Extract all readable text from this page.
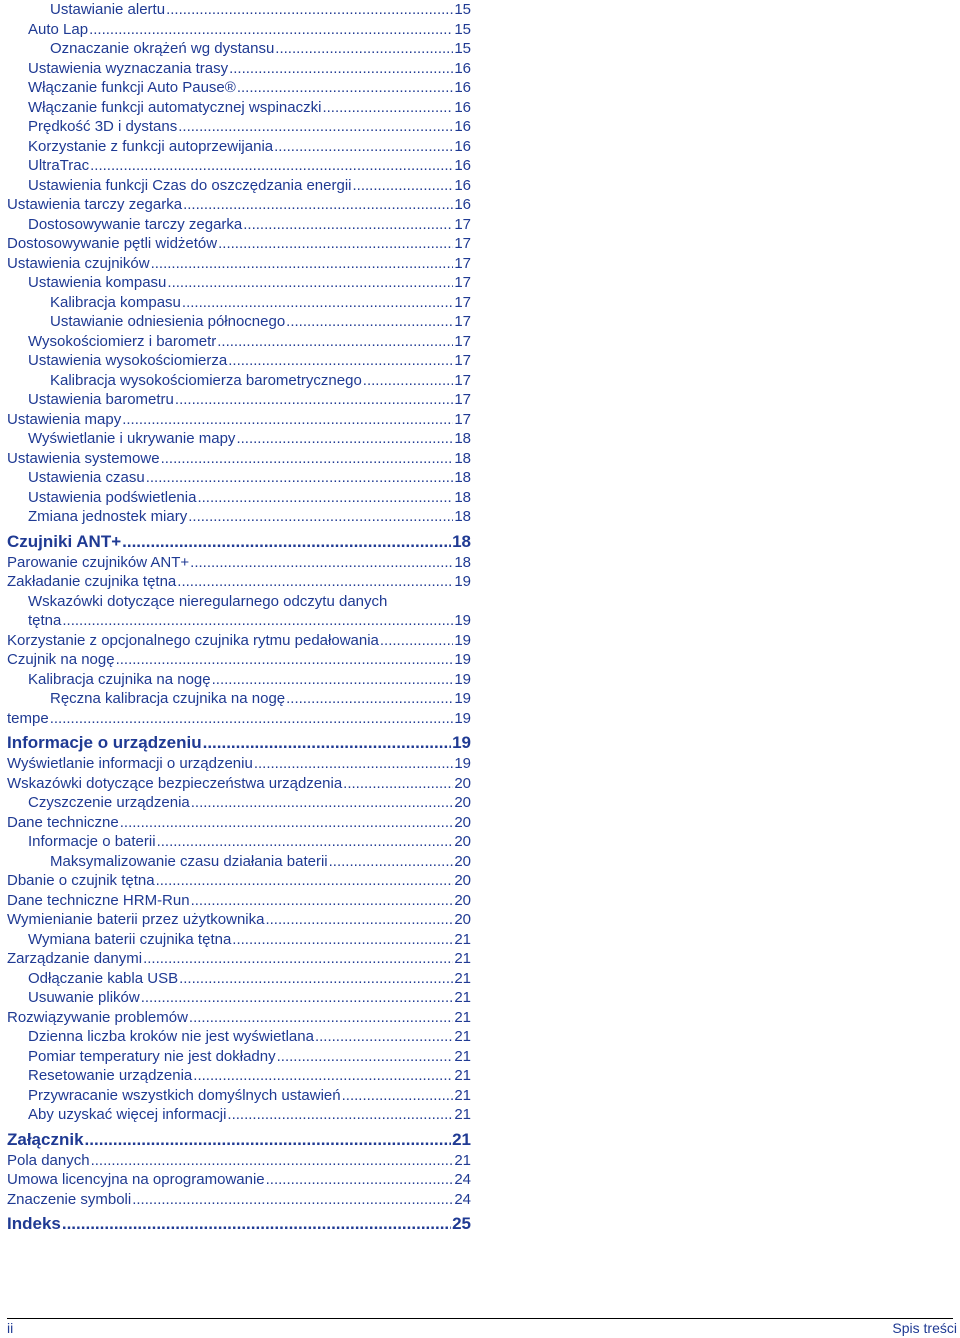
Ustawianie alertu .....	15
Auto Lap .....	15
Oznaczanie okrążeń wg dystansu .....	15
Ustawienia wyznaczania trasy .....	16
Włączanie funkcji Auto Pause® .....	16
Włączanie funkcji automatycznej wspinaczki .....	16
Prędkość 3D i dystans .....	16
Korzystanie z funkcji autoprzewijania .....	16
UltraTrac .....	16
Ustawienia funkcji Czas do oszczędzania energii .....	16
Ustawienia tarczy zegarka .....	16
Dostosowywanie tarczy zegarka .....	17
Dostosowywanie pętli widżetów .....	17
Ustawienia czujników .....	17
Ustawienia kompasu .....	17
Kalibracja kompasu .....	17
Ustawianie odniesienia północnego .....	17
Wysokościomierz i barometr .....	17
Ustawienia wysokościomierza .....	17
Kalibracja wysokościomierza barometrycznego .....	17
Ustawienia barometru .....	17
Ustawienia mapy .....	17
Wyświetlanie i ukrywanie mapy .....	18
Ustawienia systemowe .....	18
Ustawienia czasu .....	18
Ustawienia podświetlenia .....	18
Zmiana jednostek miary .....	18
Czujniki ANT+ .....	18
Parowanie czujników ANT+ .....	18
Zakładanie czujnika tętna .....	19
Wskazówki dotyczące nieregularnego odczytu danych
tętna .....	19
Korzystanie z opcjonalnego czujnika rytmu pedałowania .....	19
Czujnik na nogę .....	19
Kalibracja czujnika na nogę .....	19
Ręczna kalibracja czujnika na nogę .....	19
tempe .....	19
Informacje o urządzeniu .....	19
Wyświetlanie informacji o urządzeniu .....	19
Wskazówki dotyczące bezpieczeństwa urządzenia .....	20
Czyszczenie urządzenia .....	20
Dane techniczne .....	20
Informacje o baterii .....	20
Maksymalizowanie czasu działania baterii .....	20
Dbanie o czujnik tętna .....	20
Dane techniczne HRM-Run .....	20
Wymienianie baterii przez użytkownika .....	20
Wymiana baterii czujnika tętna .....	21
Zarządzanie danymi .....	21
Odłączanie kabla USB .....	21
Usuwanie plików .....	21
Rozwiązywanie problemów .....	21
Dzienna liczba kroków nie jest wyświetlana .....	21
Pomiar temperatury nie jest dokładny .....	21
Resetowanie urządzenia .....	21
Przywracanie wszystkich domyślnych ustawień .....	21
Aby uzyskać więcej informacji .....	21
Załącznik .....	21
Pola danych .....	21
Umowa licencyjna na oprogramowanie .....	24
Znaczenie symboli .....	24
Indeks .....	25
ii	Spis treści
